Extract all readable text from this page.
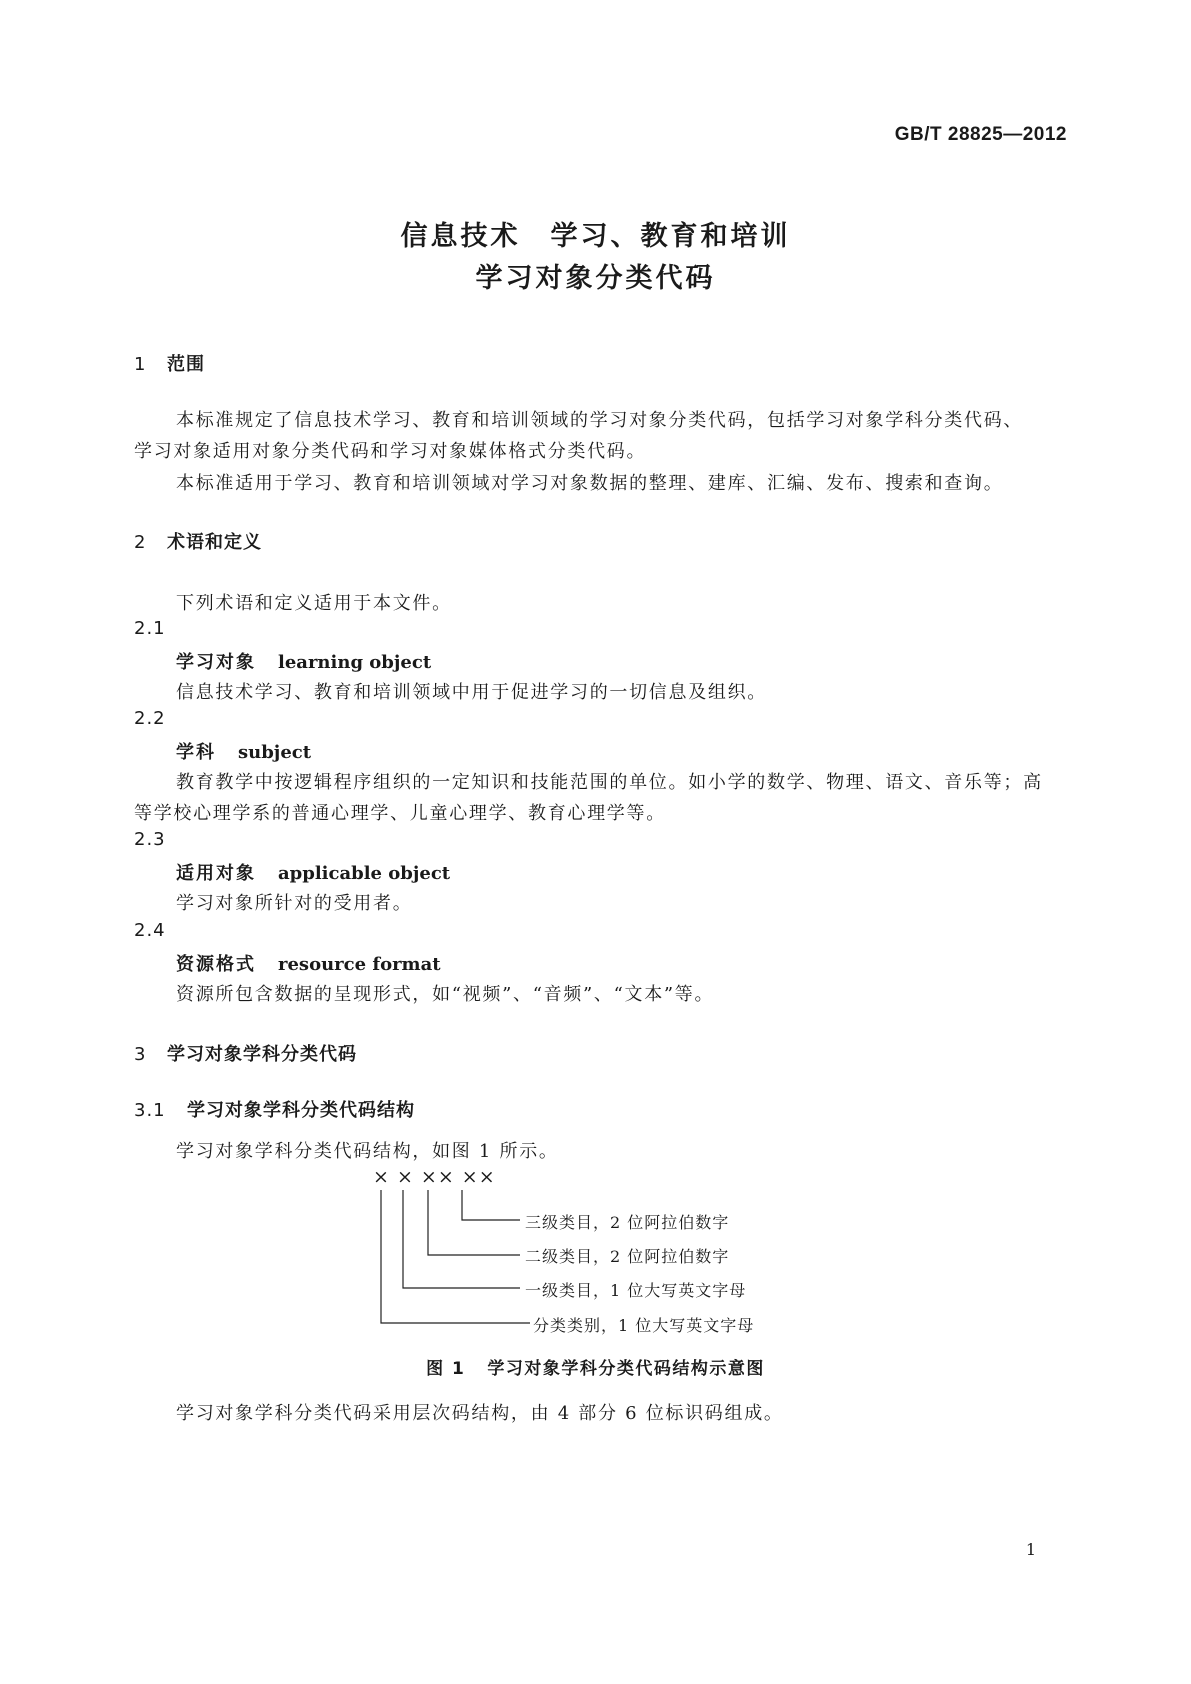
GB/T 28825—2012
信息技术　学习、教育和培训
学习对象分类代码
1 范围
本标准规定了信息技术学习、教育和培训领域的学习对象分类代码，包括学习对象学科分类代码、
学习对象适用对象分类代码和学习对象媒体格式分类代码。
本标准适用于学习、教育和培训领域对学习对象数据的整理、建库、汇编、发布、搜索和查询。
2 术语和定义
下列术语和定义适用于本文件。
2.1
学习对象 learning object
信息技术学习、教育和培训领域中用于促进学习的一切信息及组织。
2.2
学科 subject
教育教学中按逻辑程序组织的一定知识和技能范围的单位。如小学的数学、物理、语文、音乐等；高
等学校心理学系的普通心理学、儿童心理学、教育心理学等。
2.3
适用对象 applicable object
学习对象所针对的受用者。
2.4
资源格式 resource format
资源所包含数据的呈现形式，如“视频”、“音频”、“文本”等。
3 学习对象学科分类代码
3.1 学习对象学科分类代码结构
学习对象学科分类代码结构，如图 1 所示。
× × ×× ××
三级类目，2 位阿拉伯数字
二级类目，2 位阿拉伯数字
一级类目，1 位大写英文字母
分类类别，1 位大写英文字母
图 1 学习对象学科分类代码结构示意图
学习对象学科分类代码采用层次码结构，由 4 部分 6 位标识码组成。
1
